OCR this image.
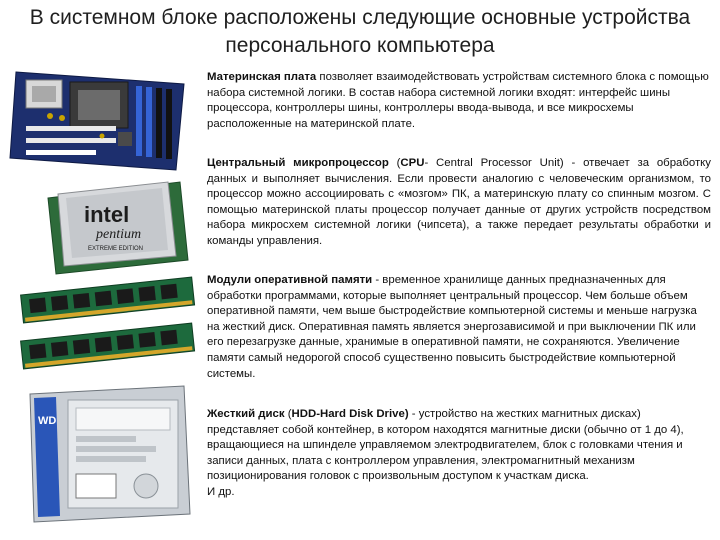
В системном блоке расположены следующие основные устройства
персонального компьютера
intel
pentium
EXTREME EDITION
WD
Материнская плата позволяет взаимодействовать устройствам системного блока с помощью набора системной логики. В состав набора системной логики входят: интерфейс шины процессора, контроллеры шины, контроллеры ввода-вывода, и все микросхемы расположенные на материнской плате.
Центральный микропроцессор (CPU- Central Processor Unit) - отвечает за обработку данных и выполняет вычисления. Если провести аналогию с человеческим организмом, то процессор можно ассоциировать с «мозгом» ПК, а материнскую плату со спинным мозгом. С помощью материнской платы процессор получает данные от других устройств посредством набора микросхем системной логики (чипсета), а также передает результаты обработки и команды управления.
Модули оперативной памяти - временное хранилище данных предназначенных для обработки программами, которые выполняет центральный процессор. Чем больше объем оперативной памяти, чем выше быстродействие компьютерной системы и меньше нагрузка на жесткий диск. Оперативная память является энергозависимой и при выключении ПК или его перезагрузке данные, хранимые в оперативной памяти, не сохраняются. Увеличение памяти самый недорогой способ существенно повысить быстродействие компьютерной системы.
Жесткий диск (HDD-Hard Disk Drive) - устройство на жестких магнитных дисках) представляет собой контейнер, в котором находятся магнитные диски (обычно от 1 до 4), вращающиеся на шпинделе управляемом электродвигателем, блок с головками чтения и записи данных, плата с контроллером управления, электромагнитный механизм позиционирования головок с произвольным доступом к участкам диска.
И др.
